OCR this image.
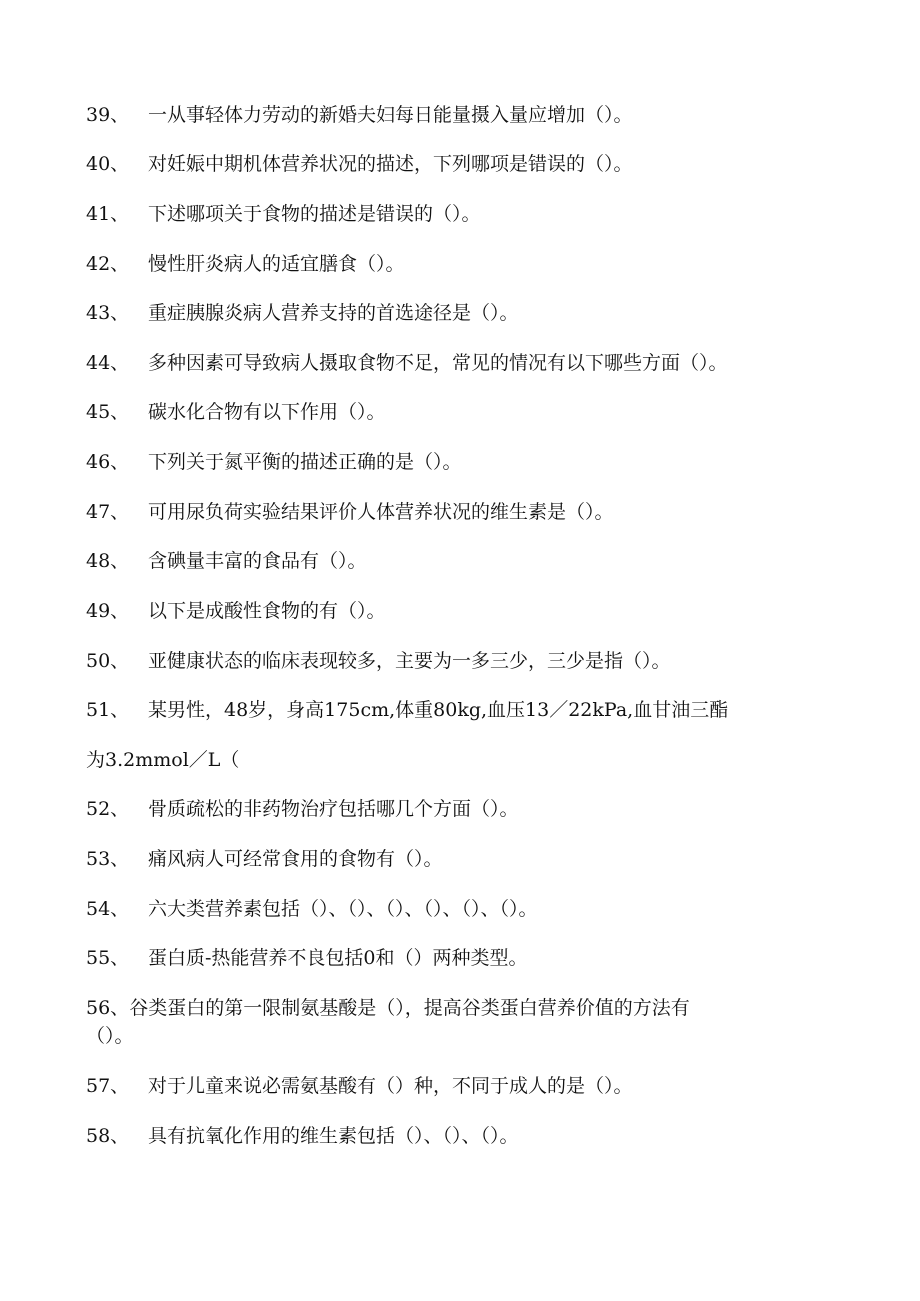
39、 一从事轻体力劳动的新婚夫妇每日能量摄入量应增加（）。
40、 对妊娠中期机体营养状况的描述，下列哪项是错误的（）。
41、 下述哪项关于食物的描述是错误的（）。
42、 慢性肝炎病人的适宜膳食（）。
43、 重症胰腺炎病人营养支持的首选途径是（）。
44、 多种因素可导致病人摄取食物不足，常见的情况有以下哪些方面（）。
45、 碳水化合物有以下作用（）。
46、 下列关于氮平衡的描述正确的是（）。
47、 可用尿负荷实验结果评价人体营养状况的维生素是（）。
48、 含碘量丰富的食品有（）。
49、 以下是成酸性食物的有（）。
50、 亚健康状态的临床表现较多，主要为一多三少，三少是指（）。
51、 某男性，48岁，身高175cm,体重80kg,血压13／22kPa,血甘油三酯
为3.2mmol／L（
52、 骨质疏松的非药物治疗包括哪几个方面（）。
53、 痛风病人可经常食用的食物有（）。
54、 六大类营养素包括（）、（）、（）、（）、（）、（）。
55、 蛋白质-热能营养不良包括0和（）两种类型。
56、谷类蛋白的第一限制氨基酸是（），提高谷类蛋白营养价值的方法有
（）。
57、 对于儿童来说必需氨基酸有（）种，不同于成人的是（）。
58、 具有抗氧化作用的维生素包括（）、（）、（）。
